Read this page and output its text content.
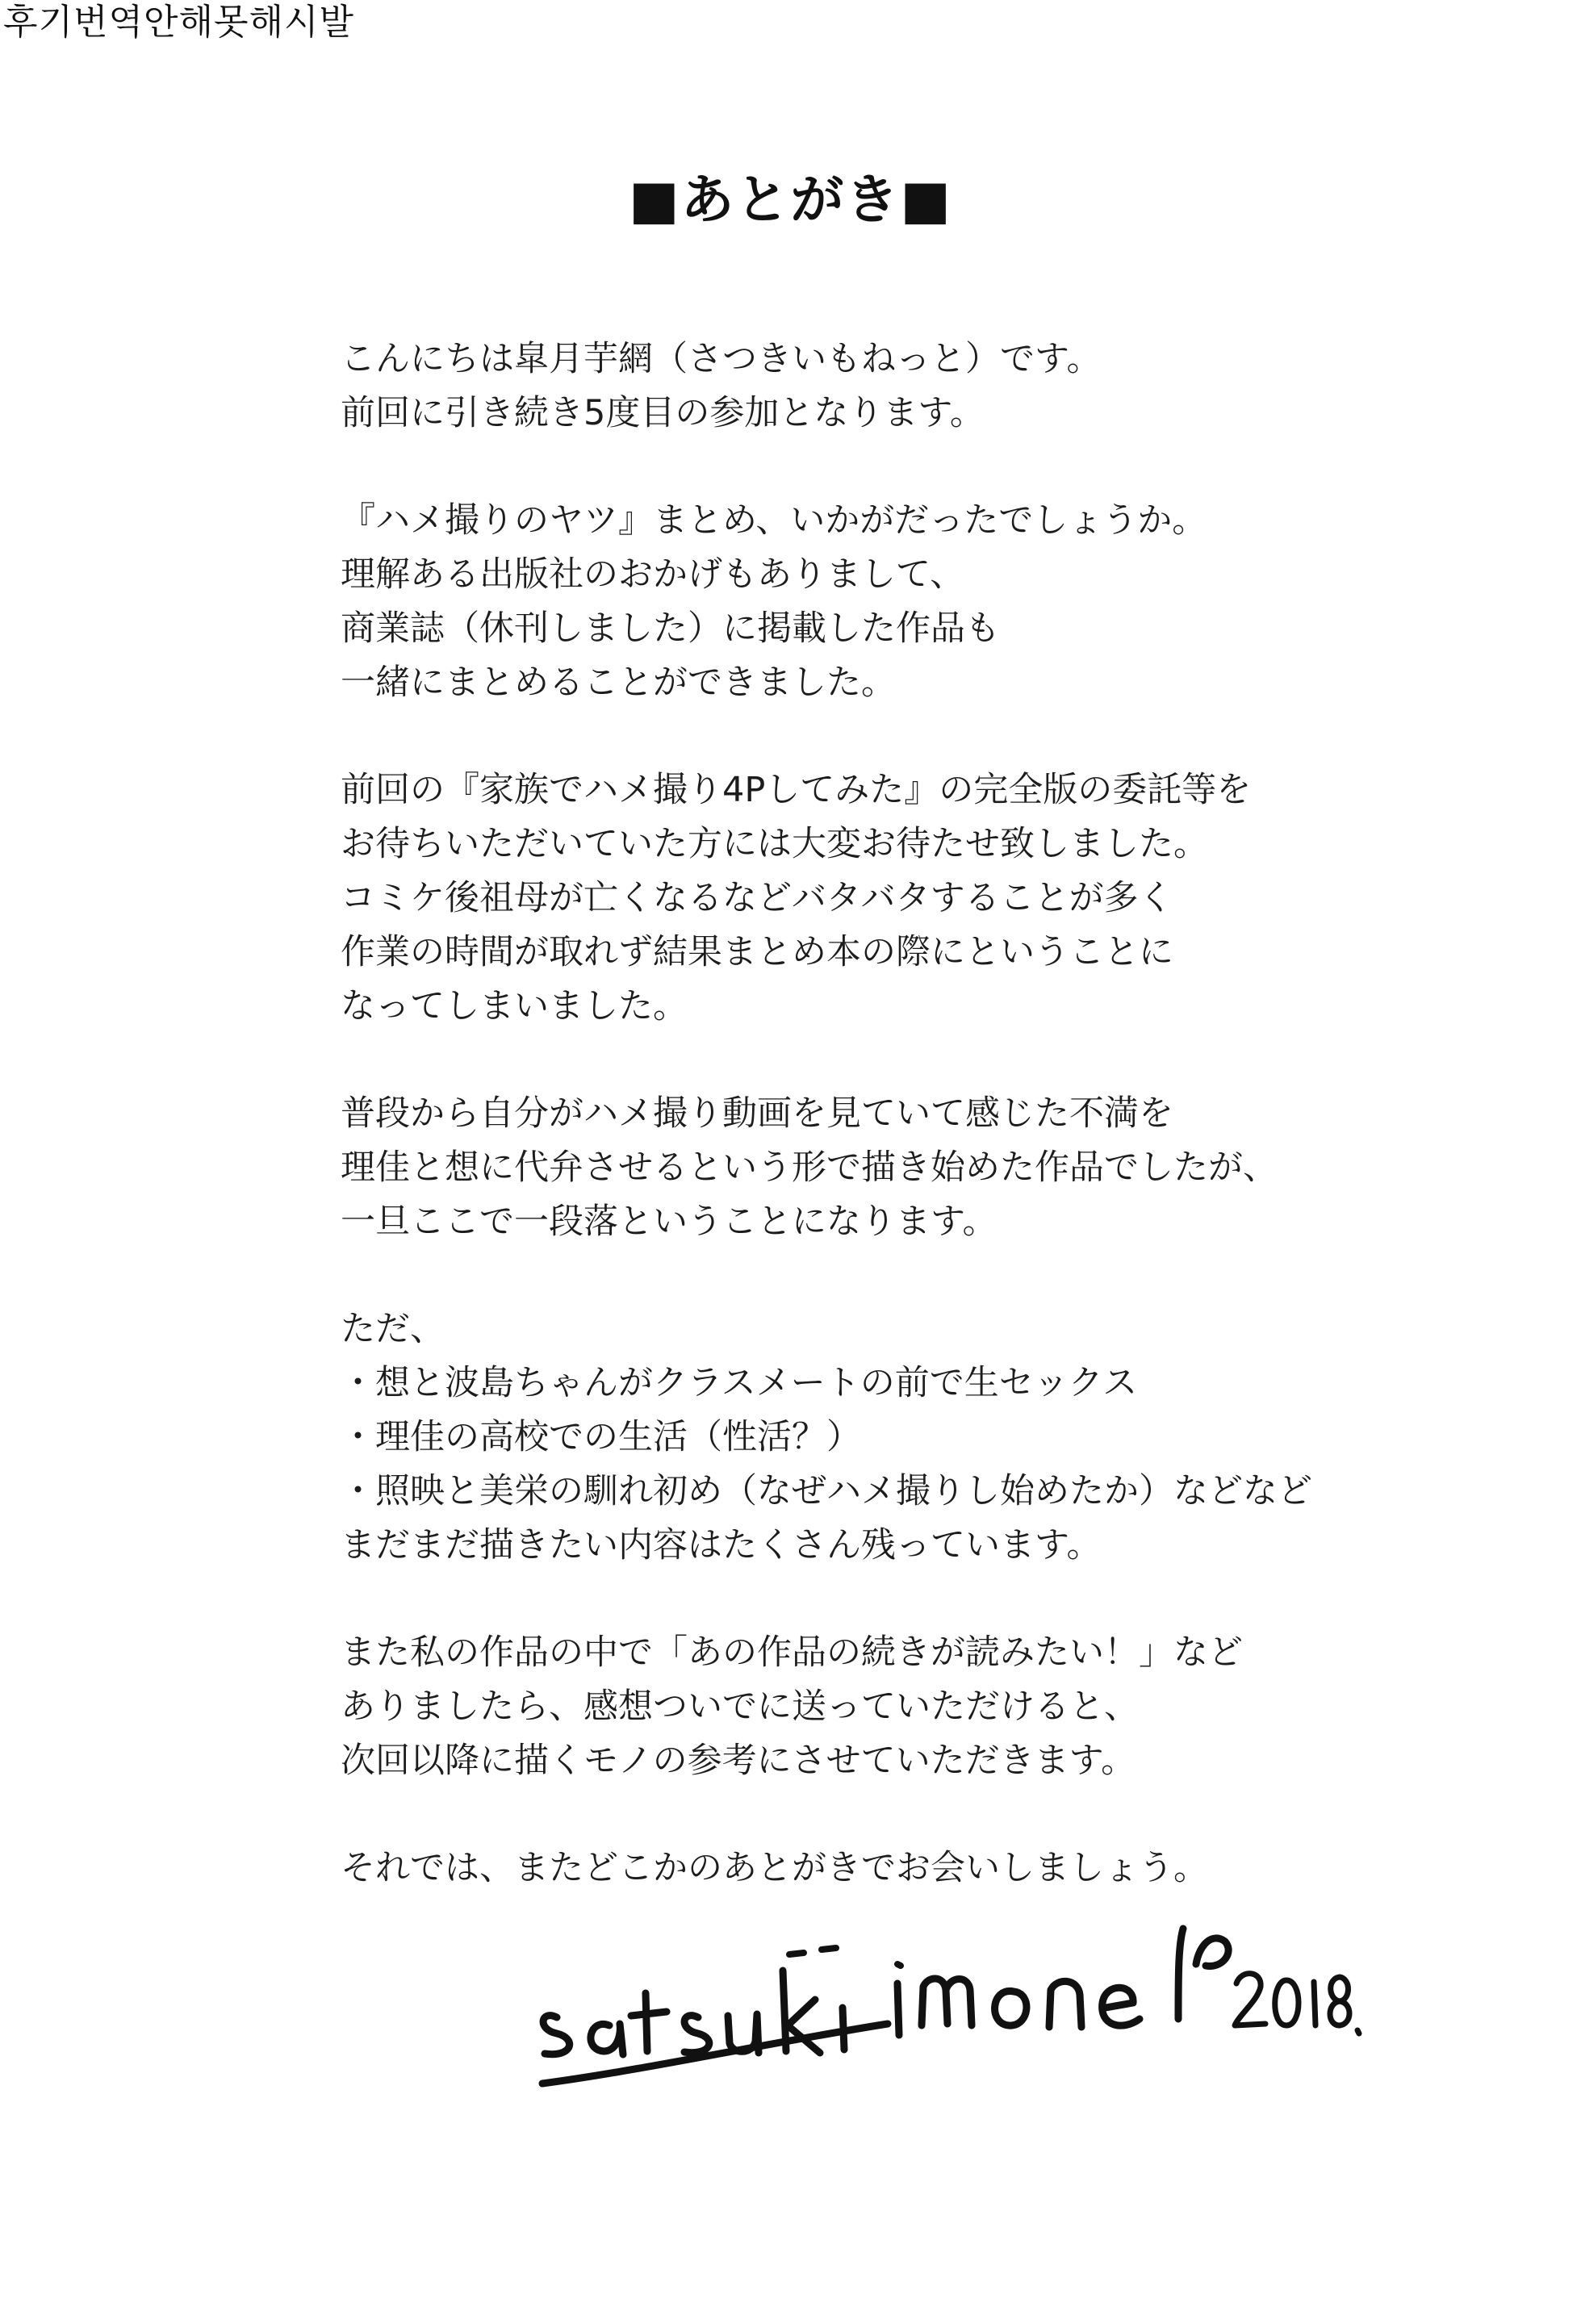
후기번역안해못해시발
■あとがき■
こんにちは皐月芋網（さつきいもねっと）です。
前回に引き続き5度目の参加となります。
『ハメ撮りのヤツ』まとめ、いかがだったでしょうか。
理解ある出版社のおかげもありまして、
商業誌（休刊しました）に掲載した作品も
一緒にまとめることができました。
前回の『家族でハメ撮り4Pしてみた』の完全版の委託等を
お待ちいただいていた方には大変お待たせ致しました。
コミケ後祖母が亡くなるなどバタバタすることが多く
作業の時間が取れず結果まとめ本の際にということに
なってしまいました。
普段から自分がハメ撮り動画を見ていて感じた不満を
理佳と想に代弁させるという形で描き始めた作品でしたが、
一旦ここで一段落ということになります。
ただ、
・想と波島ちゃんがクラスメートの前で生セックス
・理佳の高校での生活（性活？）
・照映と美栄の馴れ初め（なぜハメ撮りし始めたか）などなど
まだまだ描きたい内容はたくさん残っています。
また私の作品の中で「あの作品の続きが読みたい！」など
ありましたら、感想ついでに送っていただけると、
次回以降に描くモノの参考にさせていただきます。
それでは、またどこかのあとがきでお会いしましょう。
